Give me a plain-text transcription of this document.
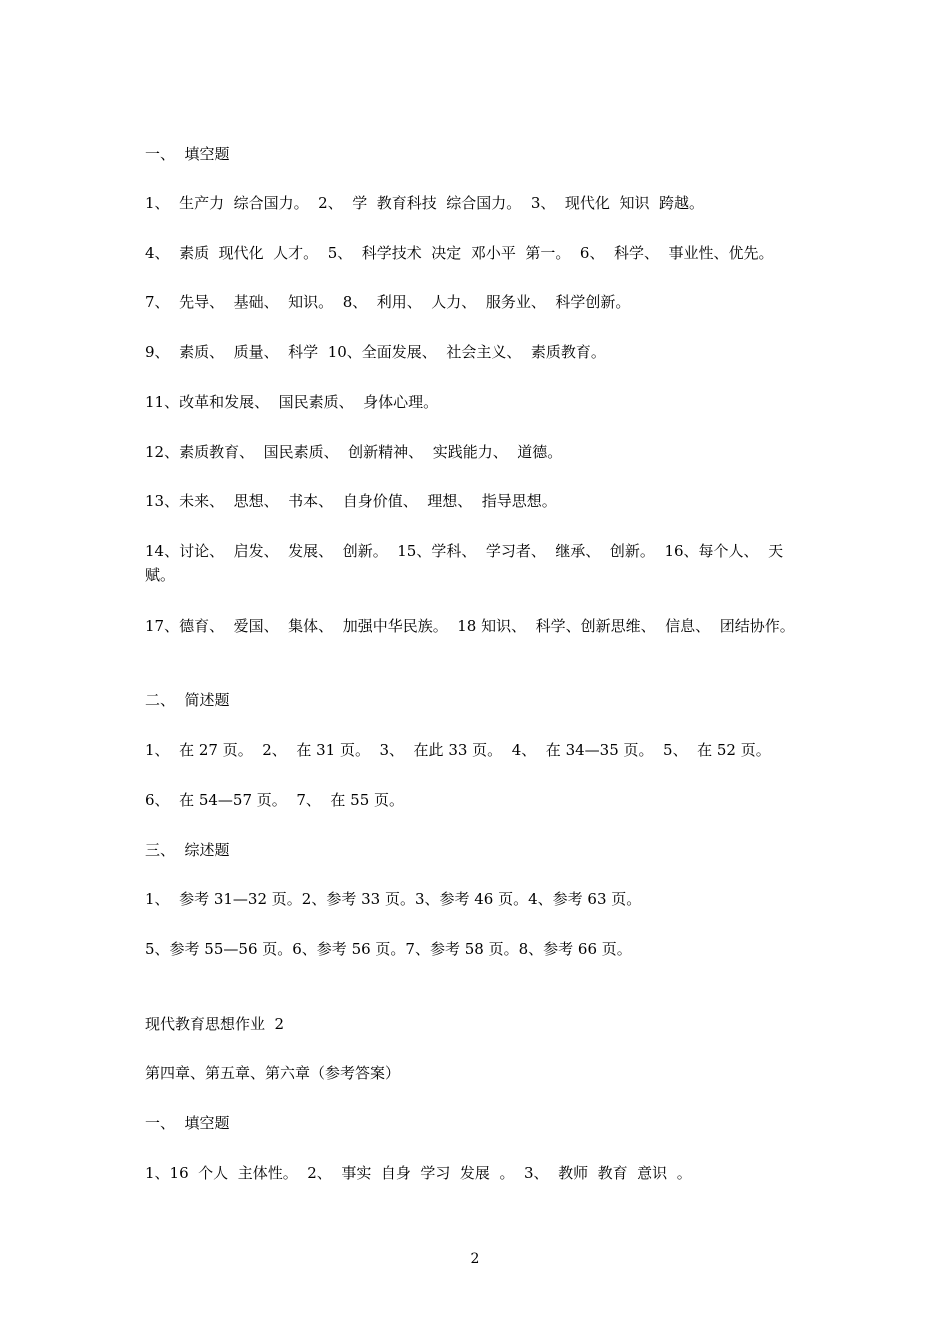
一、  填空题

1、  生产力  综合国力。  2、  学  教育科技  综合国力。  3、  现代化  知识  跨越。

4、  素质  现代化  人才。  5、  科学技术  决定  邓小平  第一。  6、  科学、  事业性、优先。

7、  先导、  基础、  知识。  8、  利用、  人力、  服务业、  科学创新。

9、  素质、  质量、  科学  10、全面发展、  社会主义、  素质教育。

11、改革和发展、  国民素质、  身体心理。

12、素质教育、  国民素质、  创新精神、  实践能力、  道德。

13、未来、  思想、  书本、  自身价值、  理想、  指导思想。

14、讨论、  启发、  发展、  创新。  15、学科、  学习者、  继承、  创新。  16、每个人、  天赋。

17、德育、  爱国、  集体、  加强中华民族。  18 知识、  科学、创新思维、  信息、  团结协作。

二、  简述题

1、  在 27 页。  2、  在 31 页。  3、  在此 33 页。  4、  在 34—35 页。  5、  在 52 页。

6、  在 54—57 页。  7、  在 55 页。

三、  综述题

1、  参考 31—32 页。2、参考 33 页。3、参考 46 页。4、参考 63 页。

5、参考 55—56 页。6、参考 56 页。7、参考 58 页。8、参考 66 页。

现代教育思想作业  2

第四章、第五章、第六章（参考答案）

一、  填空题

1、16  个人  主体性。  2、  事实  自身  学习  发展  。  3、  教师  教育  意识  。

2
